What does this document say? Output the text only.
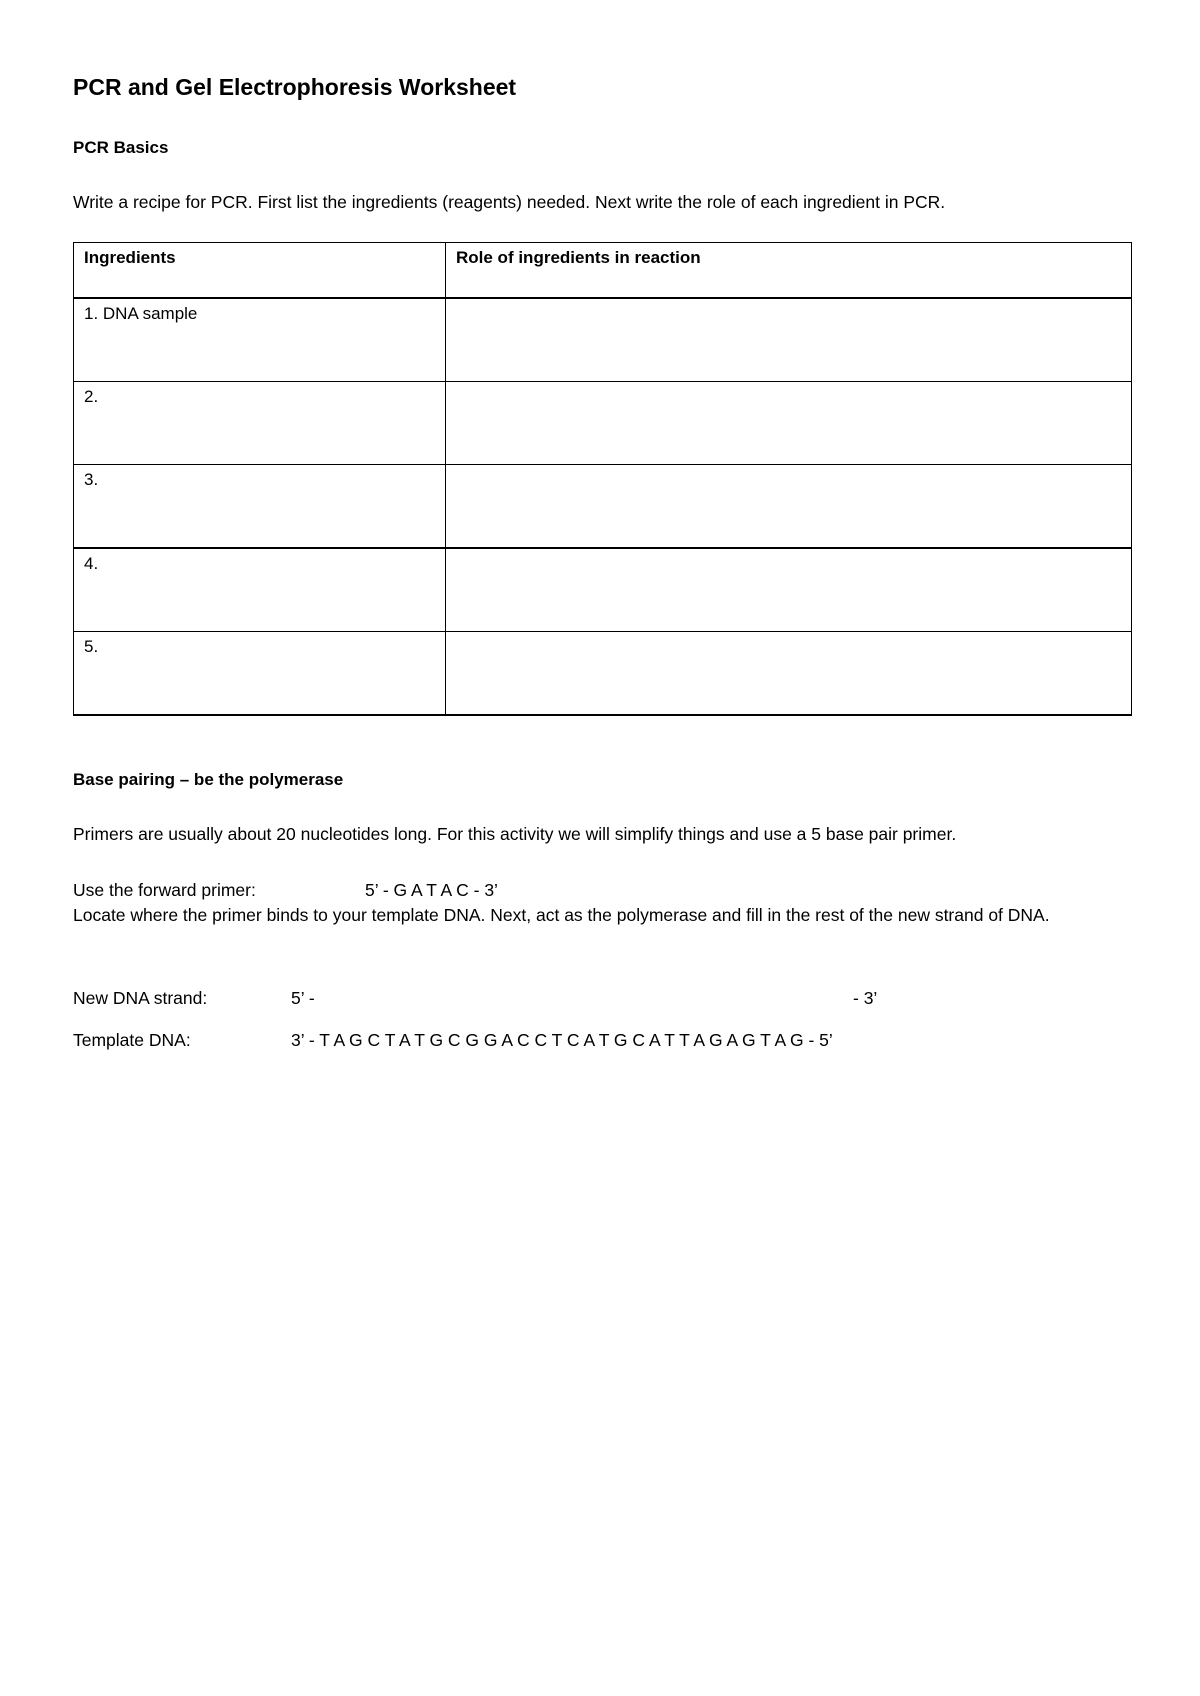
PCR and Gel Electrophoresis Worksheet
PCR Basics
Write a recipe for PCR. First list the ingredients (reagents) needed. Next write the role of each ingredient in PCR.
Ingredients	Role of ingredients in reaction
1. DNA sample	
2.	
3.	
4.	
5.	
Base pairing – be the polymerase
Primers are usually about 20 nucleotides long. For this activity we will simplify things and use a 5 base pair primer.
Use the forward primer:	5’ - G A T A C - 3’
Locate where the primer binds to your template DNA. Next, act as the polymerase and fill in the rest of the new strand of DNA.
New DNA strand:	5’ -	- 3’
Template DNA:	3’ - T A G C T A T G C G G A C C T C A T G C A T T A G A G T A G - 5’
